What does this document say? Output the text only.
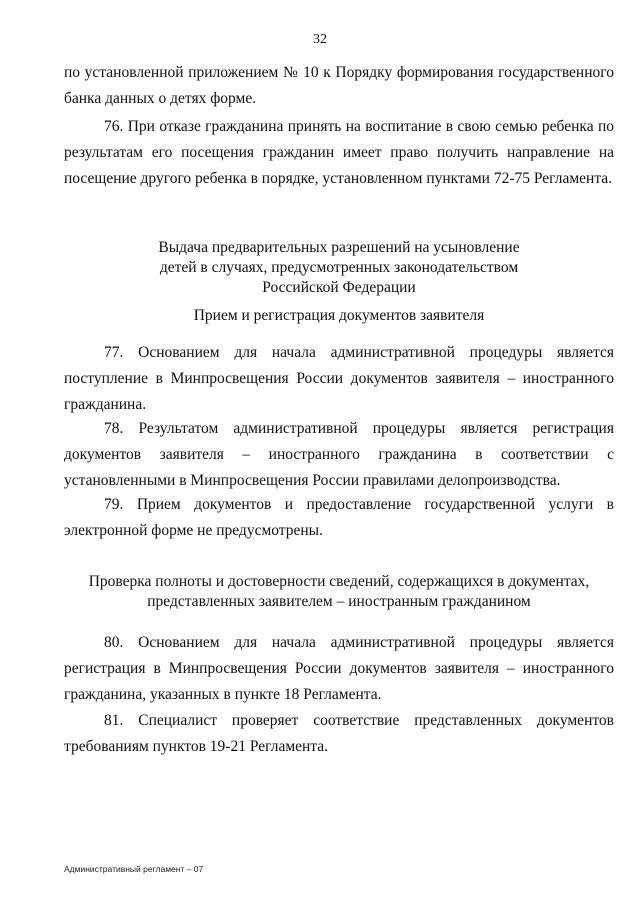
32

по установленной приложением № 10 к Порядку формирования государственного банка данных о детях форме.

76. При отказе гражданина принять на воспитание в свою семью ребенка по результатам его посещения гражданин имеет право получить направление на посещение другого ребенка в порядке, установленном пунктами 72-75 Регламента.

Выдача предварительных разрешений на усыновление
детей в случаях, предусмотренных законодательством
Российской Федерации
Прием и регистрация документов заявителя

77. Основанием для начала административной процедуры является поступление в Минпросвещения России документов заявителя – иностранного гражданина.

78. Результатом административной процедуры является регистрация документов заявителя – иностранного гражданина в соответствии с установленными в Минпросвещения России правилами делопроизводства.

79. Прием документов и предоставление государственной услуги в электронной форме не предусмотрены.

Проверка полноты и достоверности сведений, содержащихся в документах,
представленных заявителем – иностранным гражданином

80. Основанием для начала административной процедуры является регистрация в Минпросвещения России документов заявителя – иностранного гражданина, указанных в пункте 18 Регламента.

81. Специалист проверяет соответствие представленных документов требованиям пунктов 19-21 Регламента.

Административный регламент – 07
